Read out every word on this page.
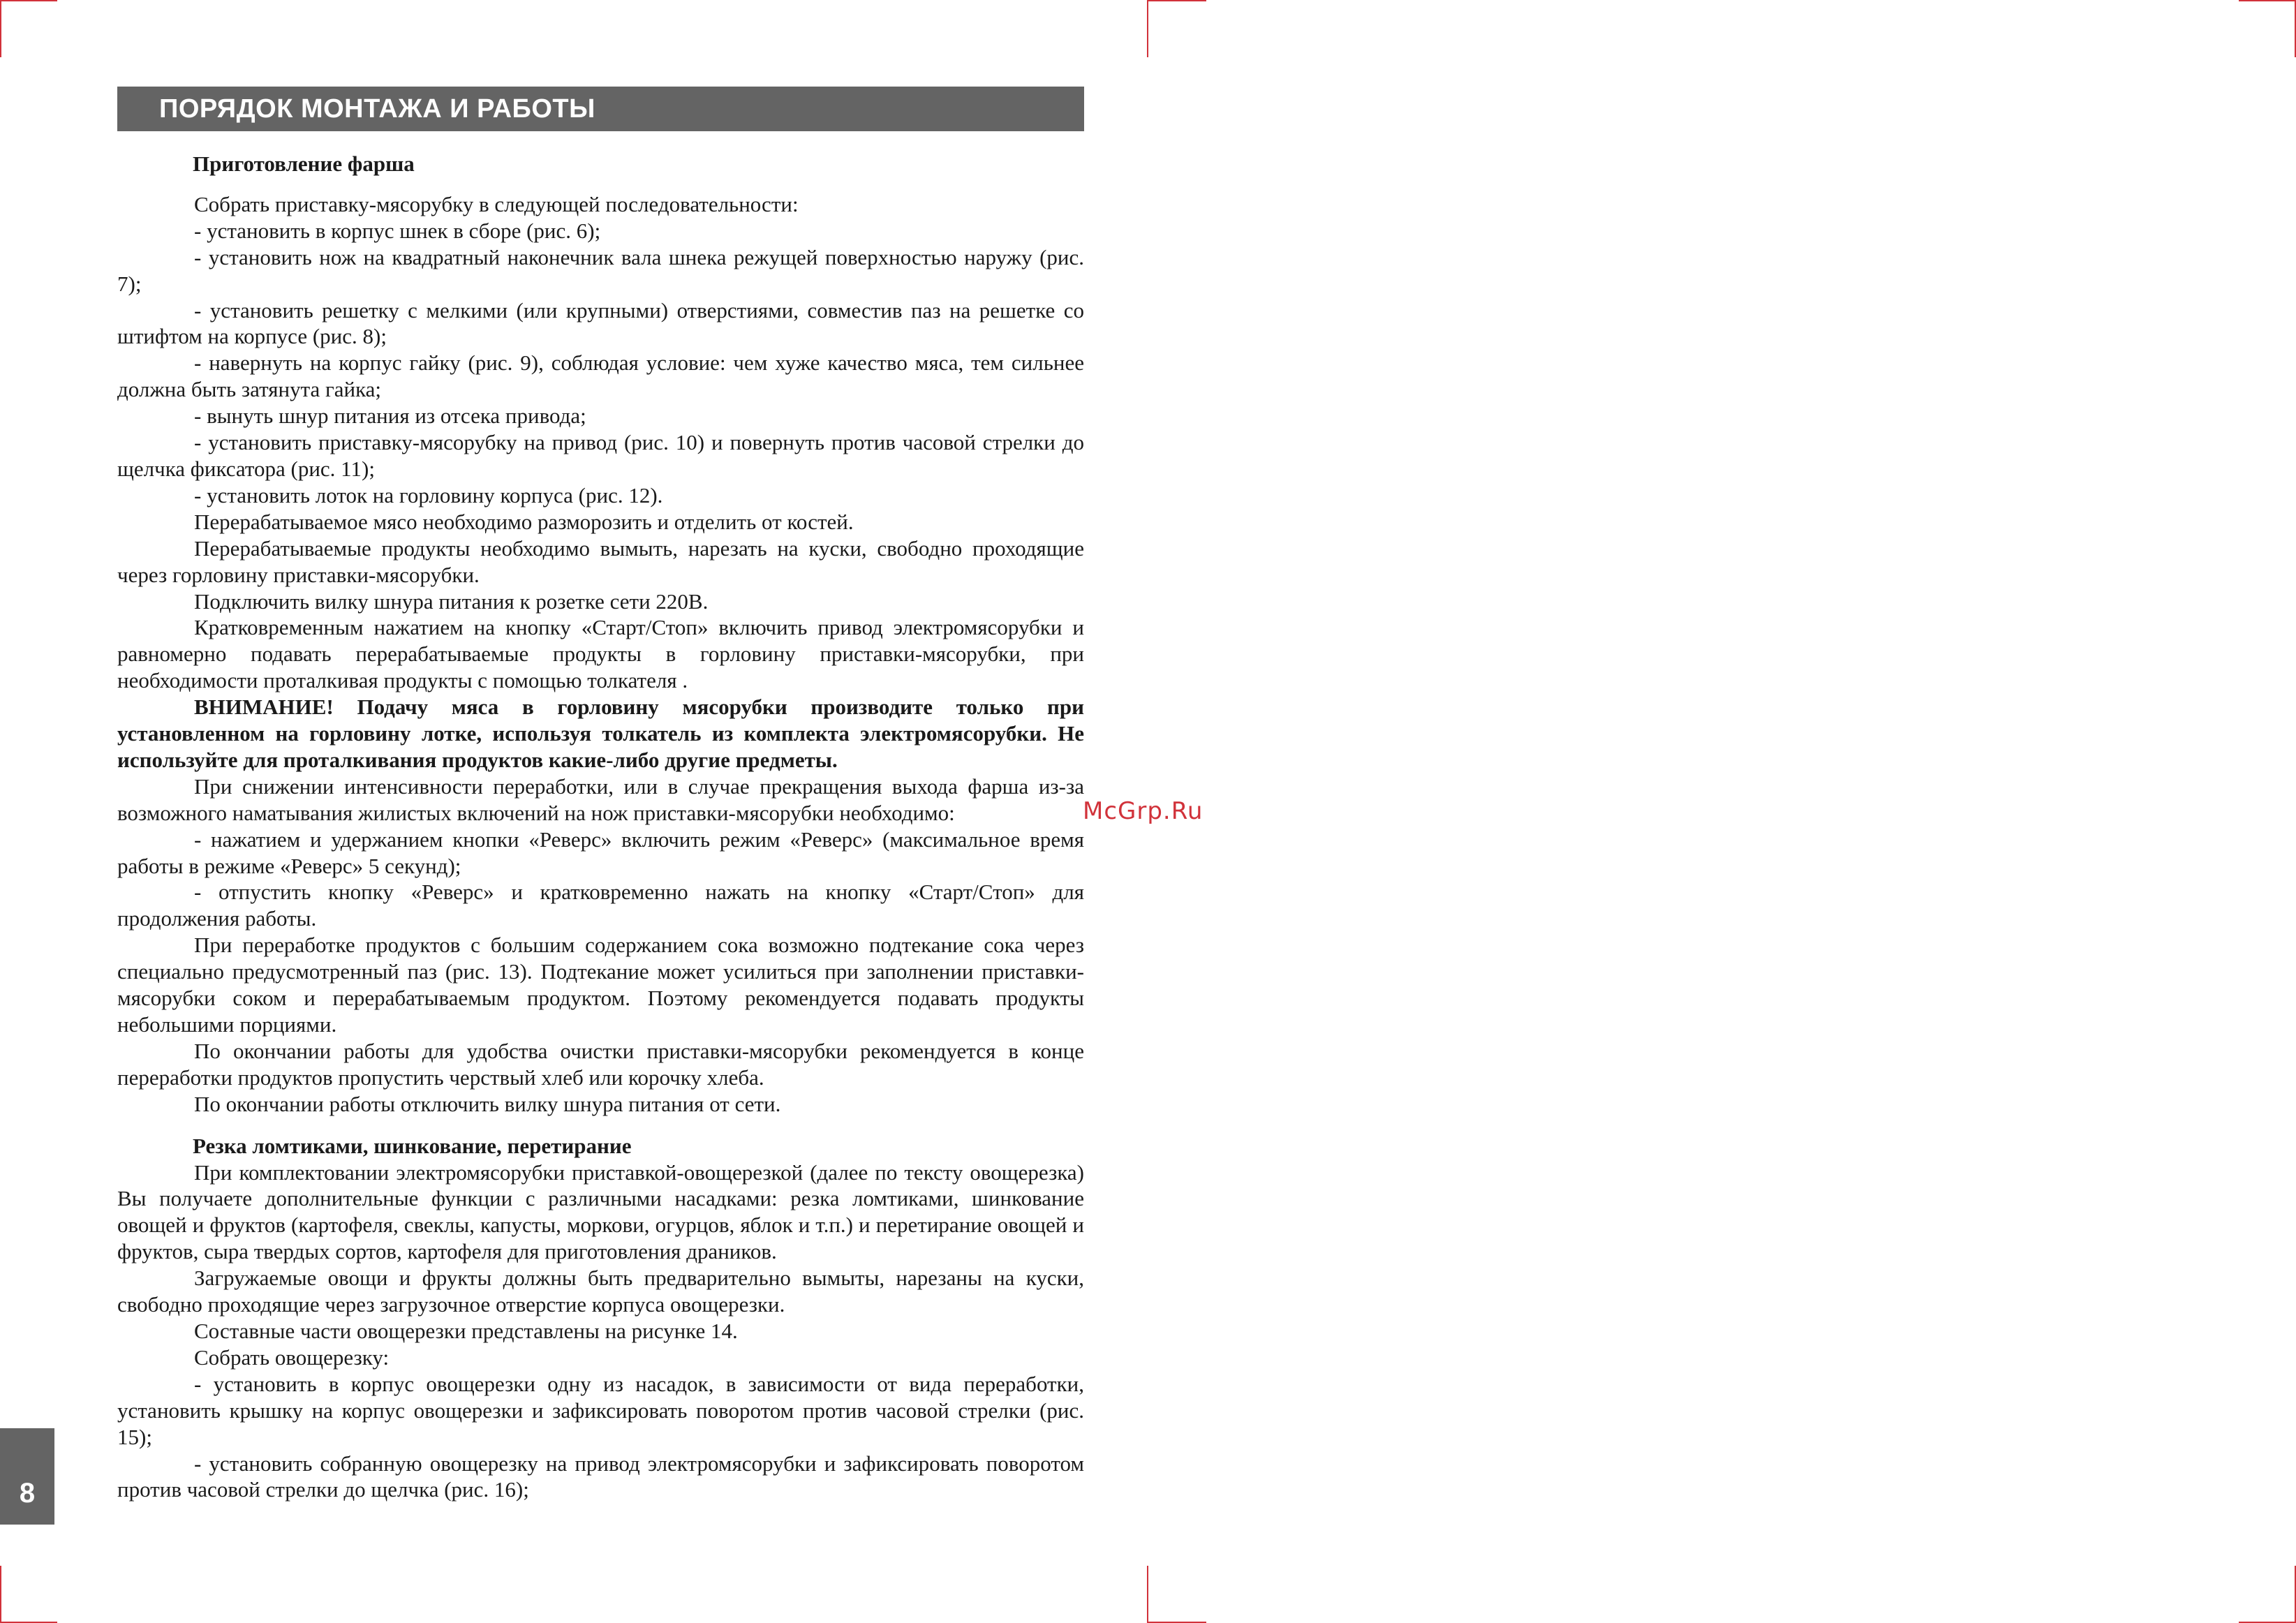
ПОРЯДОК МОНТАЖА И РАБОТЫ
Приготовление фарша

Собрать приставку-мясорубку в следующей последовательности:

- установить в корпус шнек в сборе (рис. 6);

- установить нож на квадратный наконечник вала шнека режущей поверхностью наружу (рис. 7);

- установить решетку с мелкими (или крупными) отверстиями, совместив паз на решетке со штифтом на корпусе (рис. 8);

- навернуть на корпус гайку (рис. 9), соблюдая условие: чем хуже качество мяса, тем сильнее должна быть затянута гайка;

- вынуть шнур питания из отсека привода;

- установить приставку-мясорубку на привод (рис. 10) и повернуть против часовой стрелки до щелчка фиксатора (рис. 11);

- установить лоток на горловину корпуса (рис. 12).

Перерабатываемое мясо необходимо разморозить и отделить от костей.

Перерабатываемые продукты необходимо вымыть, нарезать на куски, свободно проходящие через горловину приставки-мясорубки.

Подключить вилку шнура питания к розетке сети 220В.

Кратковременным нажатием на кнопку «Старт/Стоп» включить привод электромясорубки и равномерно подавать перерабатываемые продукты в горловину приставки-мясорубки, при необходимости проталкивая продукты с помощью толкателя .

ВНИМАНИЕ! Подачу мяса в горловину мясорубки производите только при установленном на горловину лотке, используя толкатель из комплекта электромясорубки. Не используйте для проталкивания продуктов какие-либо другие предметы.

При снижении интенсивности переработки, или в случае прекращения выхода фарша из-за возможного наматывания жилистых включений на нож приставки-мясорубки необходимо:

- нажатием и удержанием кнопки «Реверс» включить режим «Реверс» (максимальное время работы в режиме «Реверс» 5 секунд);

- отпустить кнопку «Реверс» и кратковременно нажать на кнопку «Старт/Стоп» для продолжения работы.

При переработке продуктов с большим содержанием сока возможно подтекание сока через специально предусмотренный паз (рис. 13). Подтекание может усилиться при заполнении приставки-мясорубки соком и перерабатываемым продуктом. Поэтому рекомендуется подавать продукты небольшими порциями.

По окончании работы для удобства очистки приставки-мясорубки рекомендуется в конце переработки продуктов пропустить черствый хлеб или корочку хлеба.

По окончании работы отключить вилку шнура питания от сети.

Резка ломтиками, шинкование, перетирание

При комплектовании электромясорубки приставкой-овощерезкой (далее по тексту овощерезка) Вы получаете дополнительные функции с различными насадками: резка ломтиками, шинкование овощей и фруктов (картофеля, свеклы, капусты, моркови, огурцов, яблок и т.п.) и перетирание овощей и фруктов, сыра твердых сортов, картофеля для приготовления драников.

Загружаемые овощи и фрукты должны быть предварительно вымыты, нарезаны на куски, свободно проходящие через загрузочное отверстие корпуса овощерезки.

Составные части овощерезки представлены на рисунке 14.

Собрать овощерезку:

- установить в корпус овощерезки одну из насадок, в зависимости от вида переработки, установить крышку на корпус овощерезки и зафиксировать поворотом против часовой стрелки (рис. 15);

- установить собранную овощерезку на привод электромясорубки и зафиксировать поворотом против часовой стрелки до щелчка (рис. 16);

McGrp.Ru
8
